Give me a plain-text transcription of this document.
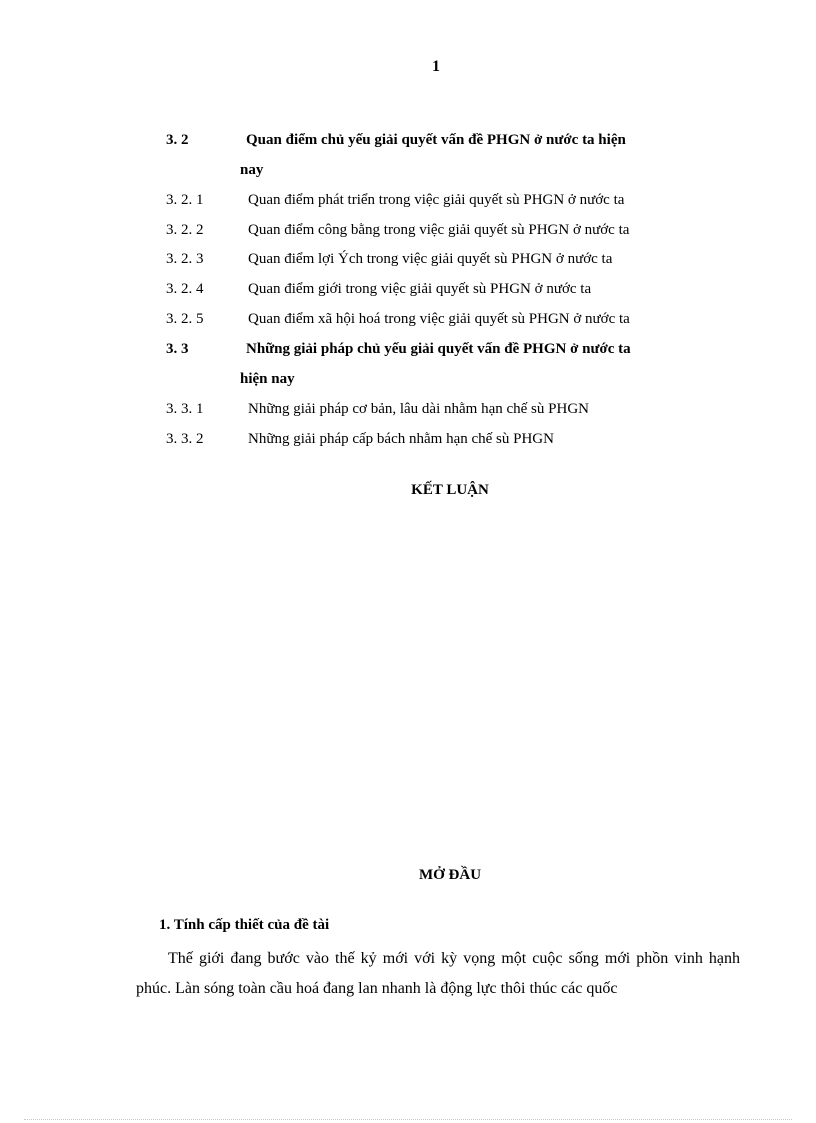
1
3. 2	Quan điểm chủ yếu giải quyết vấn đề PHGN ở nước ta hiện
nay
3. 2. 1	Quan điểm phát triển trong việc giải quyết sù PHGN ở nước ta
3. 2. 2	Quan điểm công bằng trong việc giải quyết sù PHGN ở nước ta
3. 2. 3	Quan điểm lợi Ých trong việc giải quyết sù PHGN ở nước ta
3. 2. 4	Quan điểm giới trong việc giải quyết sù PHGN ở nước ta
3. 2. 5	Quan điểm xã hội hoá trong việc giải quyết sù PHGN ở nước ta
3. 3	Những giải pháp chủ yếu giải quyết vấn đề PHGN ở nước ta
hiện nay
3. 3. 1	Những giải pháp cơ bản, lâu dài nhằm hạn chế sù PHGN
3. 3. 2	Những giải pháp cấp bách nhằm hạn chế sù PHGN
KẾT LUẬN
MỞ ĐẦU
1. Tính cấp thiết của đề tài
Thế giới đang bước vào thế kỷ mới với kỳ vọng một cuộc sống mới phồn vinh hạnh phúc. Làn sóng toàn cầu hoá đang lan nhanh là động lực thôi thúc các quốc
